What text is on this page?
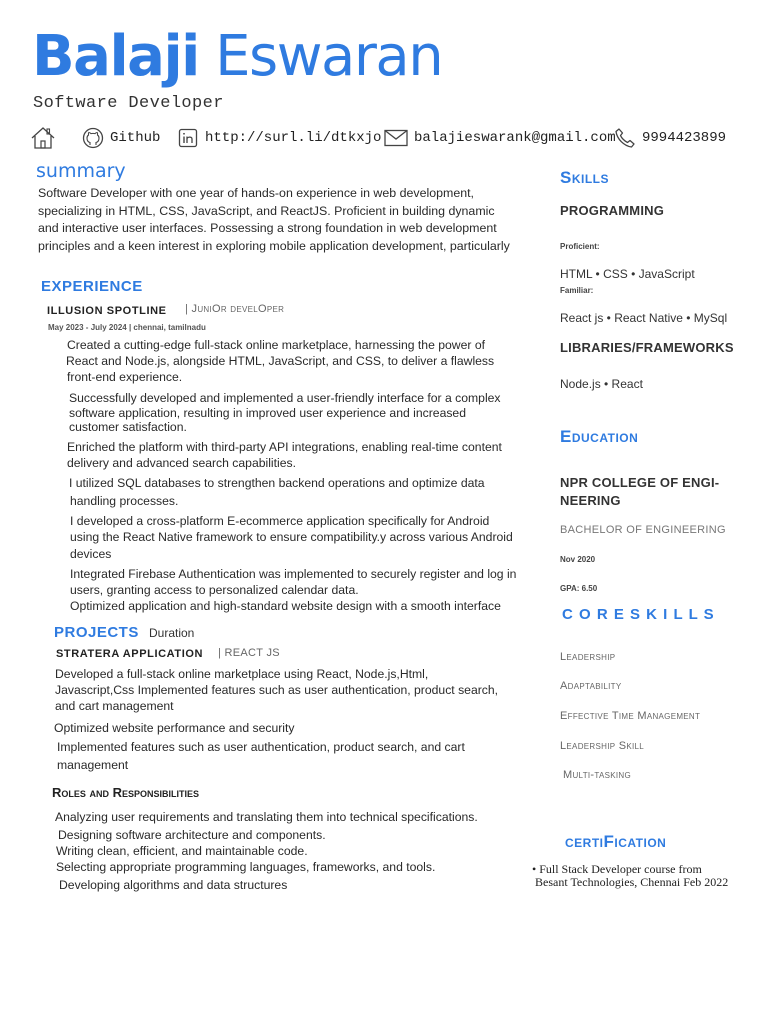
Balaji Eswaran
Software Developer
Github	http://surl.li/dtkxjo balajieswarank@gmail.com 9994423899
summary
Software Developer with one year of hands-on experience in web development,
specializing in HTML, CSS, JavaScript, and ReactJS. Proficient in building dynamic
and interactive user interfaces. Possessing a strong foundation in web development
principles and a keen interest in exploring mobile application development, particularly
EXPERIENCE
ILLUSION SPOTLINE | JuniOr develOper
May 2023 - July 2024 | chennai, tamilnadu
Created a cutting-edge full-stack online marketplace, harnessing the power of
React and Node.js, alongside HTML, JavaScript, and CSS, to deliver a flawless
front-end experience.
Successfully developed and implemented a user-friendly interface for a complex
software application, resulting in improved user experience and increased
customer satisfaction.
Enriched the platform with third-party API integrations, enabling real-time content
delivery and advanced search capabilities.
I utilized SQL databases to strengthen backend operations and optimize data
handling processes.
I developed a cross-platform E-ecommerce application specifically for Android
using the React Native framework to ensure compatibility.y across various Android
devices
Integrated Firebase Authentication was implemented to securely register and log in
users, granting access to personalized calendar data.
Optimized application and high-standard website design with a smooth interface
PROJECTS Duration
STRATERA APPLICATION | REACT JS
Developed a full-stack online marketplace using React, Node.js,Html,
Javascript,Css Implemented features such as user authentication, product search,
and cart management
Optimized website performance and security
Implemented features such as user authentication, product search, and cart
management
Roles and Responsibilities
Analyzing user requirements and translating them into technical specifications.
Designing software architecture and components.
Writing clean, efficient, and maintainable code.
Selecting appropriate programming languages, frameworks, and tools.
Developing algorithms and data structures
Skills
PROGRAMMING
Proficient:
HTML • CSS • JavaScript
Familiar:
React js • React Native • MySql
LIBRARIES/FRAMEWORKS
Node.js • React
Education
NPR COLLEGE OF ENGI-
NEERING
BACHELOR OF ENGINEERING
Nov 2020
GPA: 6.50
C O R E S K I L L S
Leadership
Adaptability
Effective Time Management
Leadership Skill
Multi-tasking
certiFication
• Full Stack Developer course from
Besant Technologies, Chennai Feb 2022
